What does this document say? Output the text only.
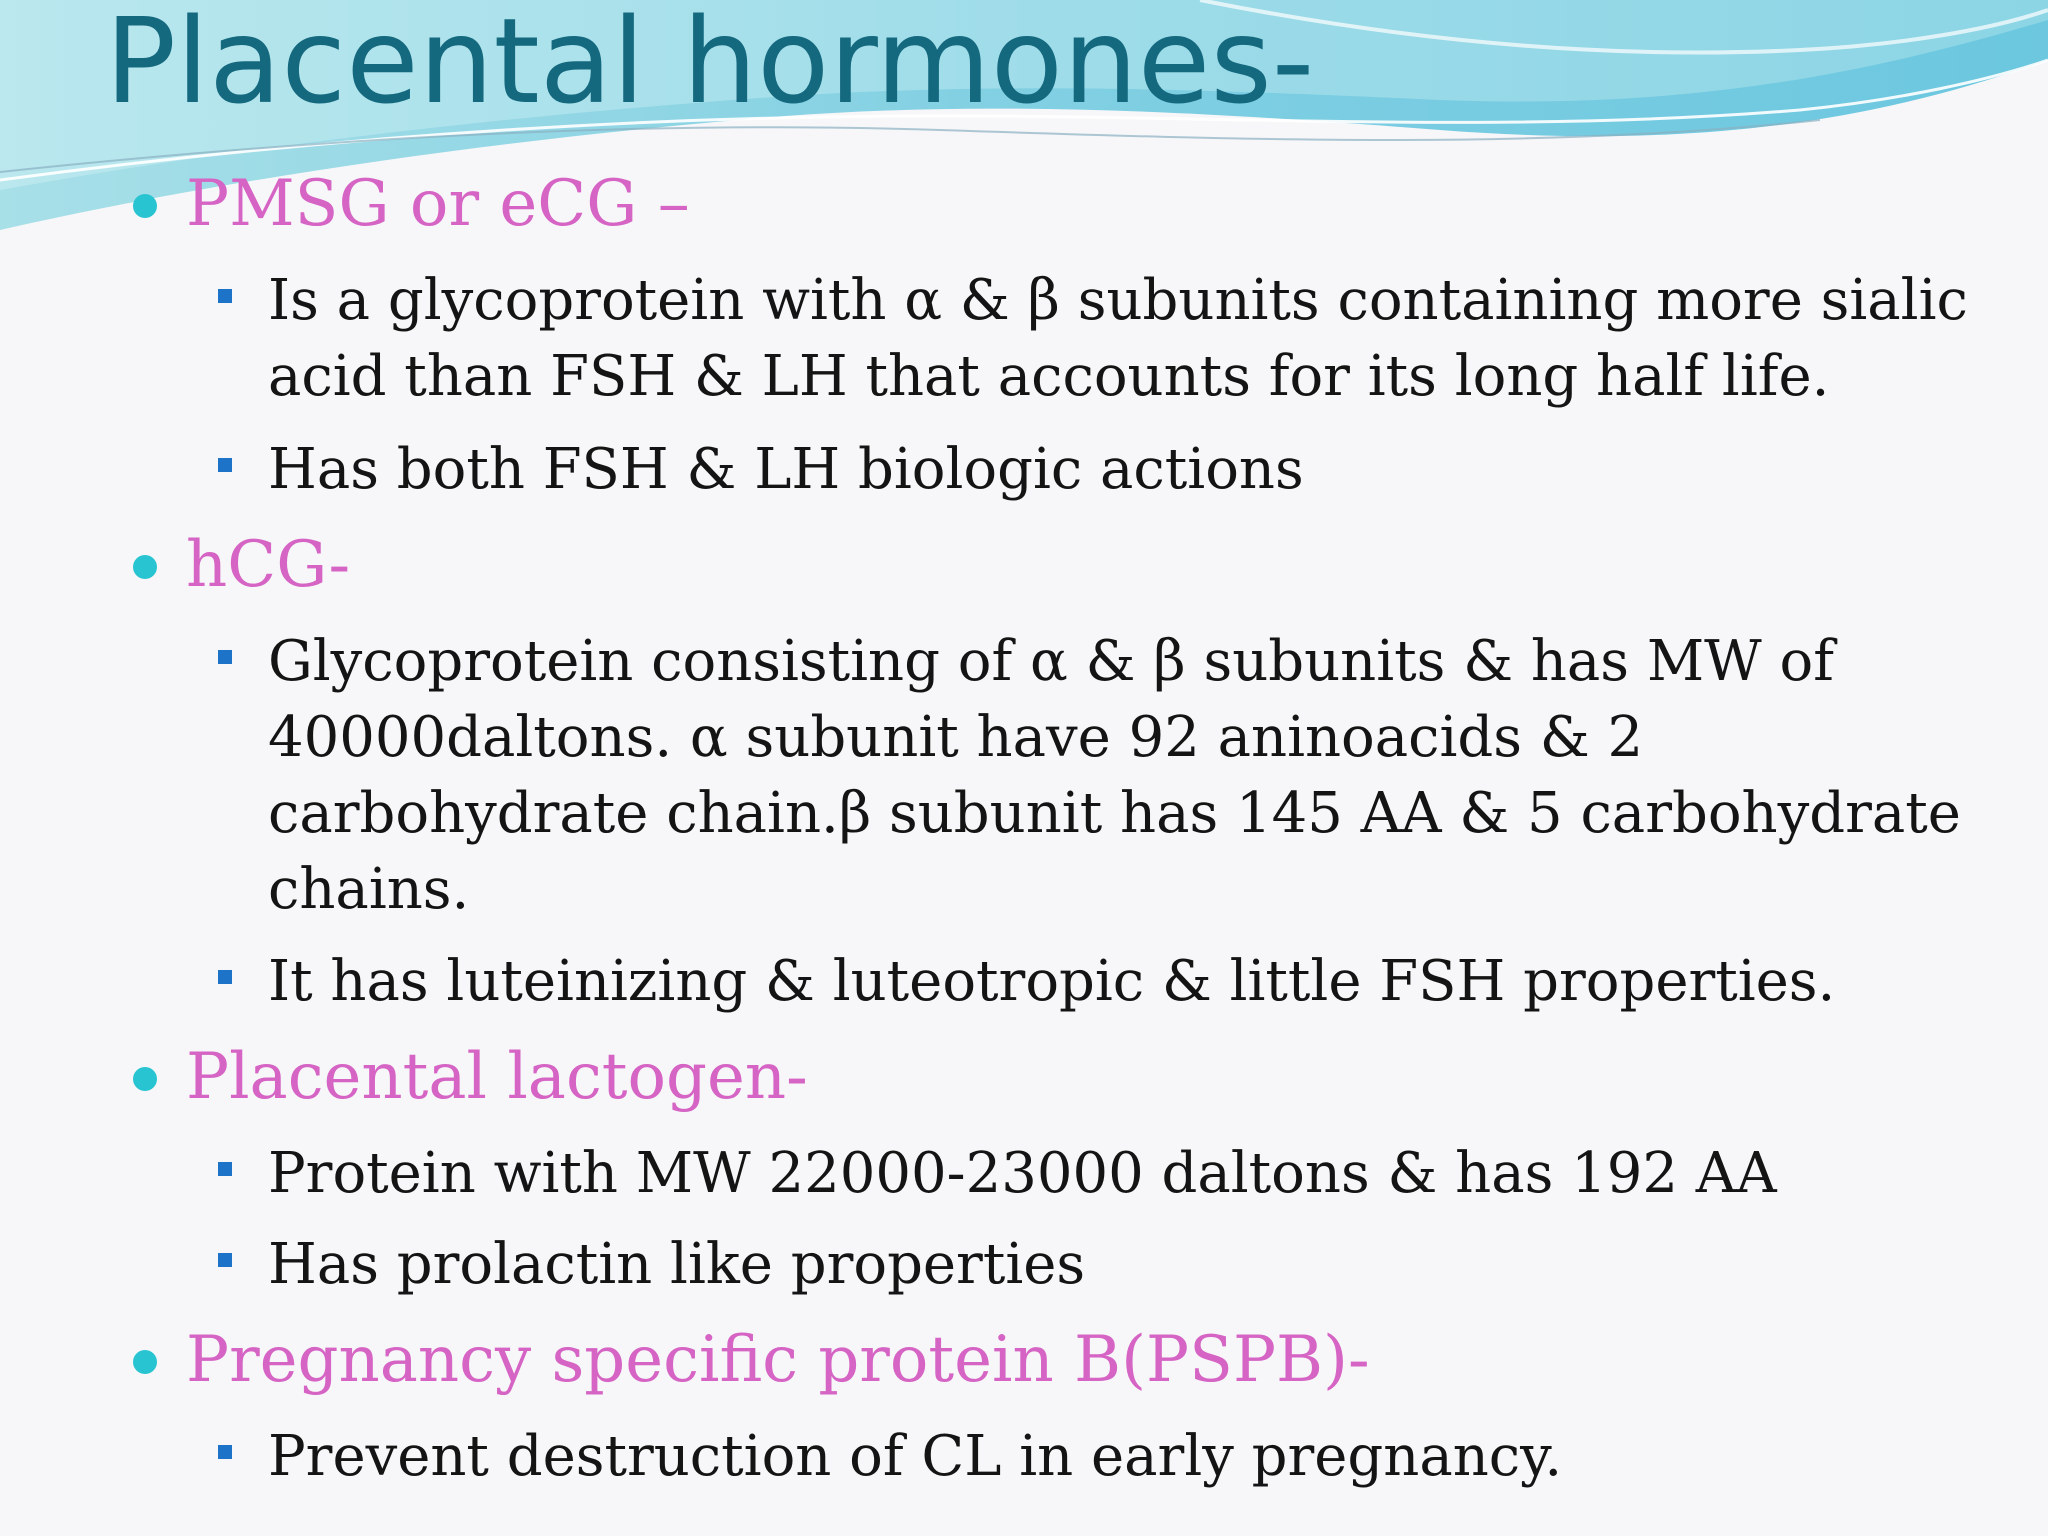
Placental hormones-
PMSG or eCG –
Is a glycoprotein with α & β subunits containing more sialic acid than FSH & LH that accounts for its long half life.
Has both FSH & LH biologic actions
hCG-
Glycoprotein consisting of α & β subunits & has MW of 40000daltons. α subunit have 92 aninoacids & 2 carbohydrate chain.β subunit has 145 AA & 5 carbohydrate chains.
It has luteinizing & luteotropic & little FSH properties.
Placental lactogen-
Protein with MW 22000-23000 daltons & has 192 AA
Has prolactin like properties
Pregnancy specific protein B(PSPB)-
Prevent destruction of CL in early pregnancy.
